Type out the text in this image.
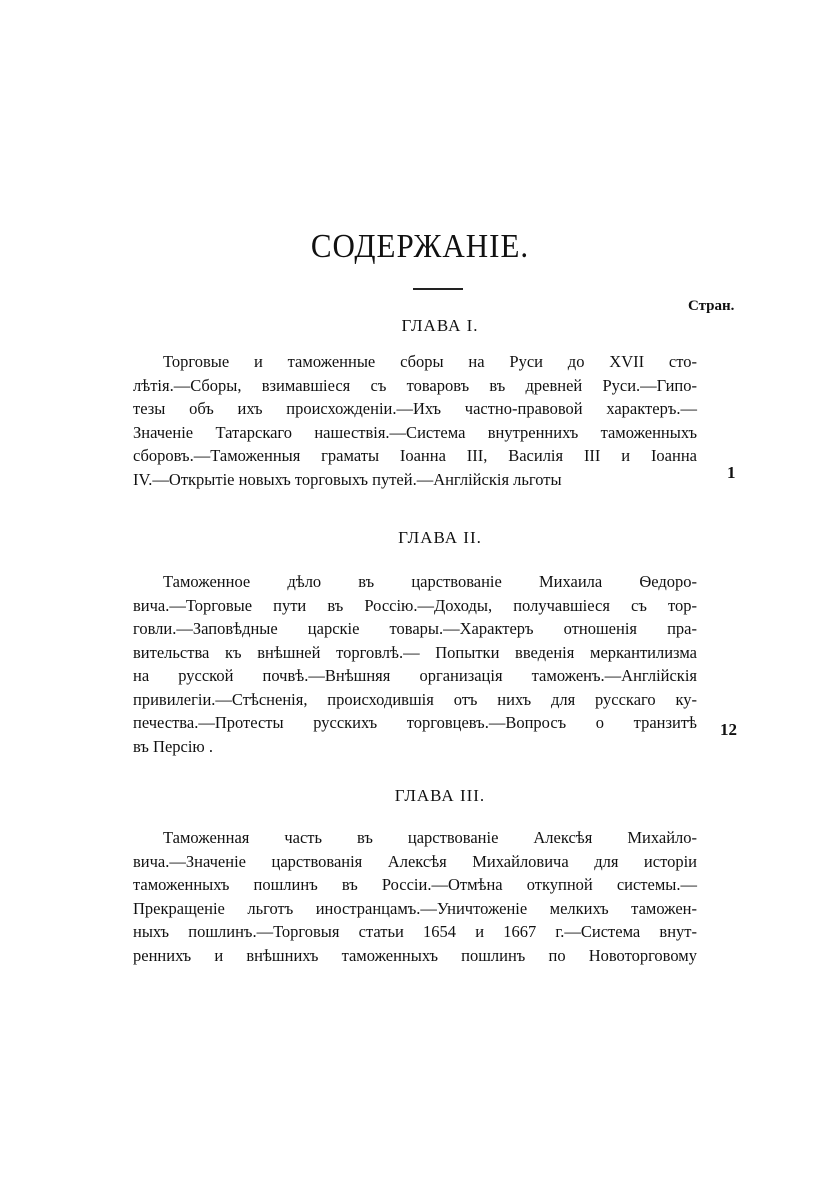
СОДЕРЖАНІЕ.
Стран.
ГЛАВА I.
Торговые и таможенные сборы на Руси до XVII сто-
лѣтія.—Сборы, взимавшіеся съ товаровъ въ древней Руси.—Гипо-
тезы объ ихъ происхожденіи.—Ихъ частно-правовой характеръ.—
Значеніе Татарскаго нашествія.—Система внутреннихъ таможенныхъ
сборовъ.—Таможенныя граматы Іоанна III, Василія III и Іоанна
IV.—Открытіе новыхъ торговыхъ путей.—Англійскія льготы	1
ГЛАВА II.
Таможенное дѣло въ царствованіе Михаила Ѳедоро-
вича.—Торговые пути въ Россію.—Доходы, получавшіеся съ тор-
говли.—Заповѣдные царскіе товары.—Характеръ отношенія пра-
вительства къ внѣшней торговлѣ.— Попытки введенія меркантилизма
на русской почвѣ.—Внѣшняя организація таможенъ.—Англійскія
привилегіи.—Стѣсненія, происходившія отъ нихъ для русскаго ку-
печества.—Протесты русскихъ торговцевъ.—Вопросъ о транзитѣ
въ Персію .
12
ГЛАВА III.
Таможенная часть въ царствованіе Алексѣя Михайло-
вича.—Значеніе царствованія Алексѣя Михайловича для исторіи
таможенныхъ пошлинъ въ Россіи.—Отмѣна откупной системы.—
Прекращеніе льготъ иностранцамъ.—Уничтоженіе мелкихъ таможен-
ныхъ пошлинъ.—Торговыя статьи 1654 и 1667 г.—Система внут-
реннихъ и внѣшнихъ таможенныхъ пошлинъ по Новоторговому
